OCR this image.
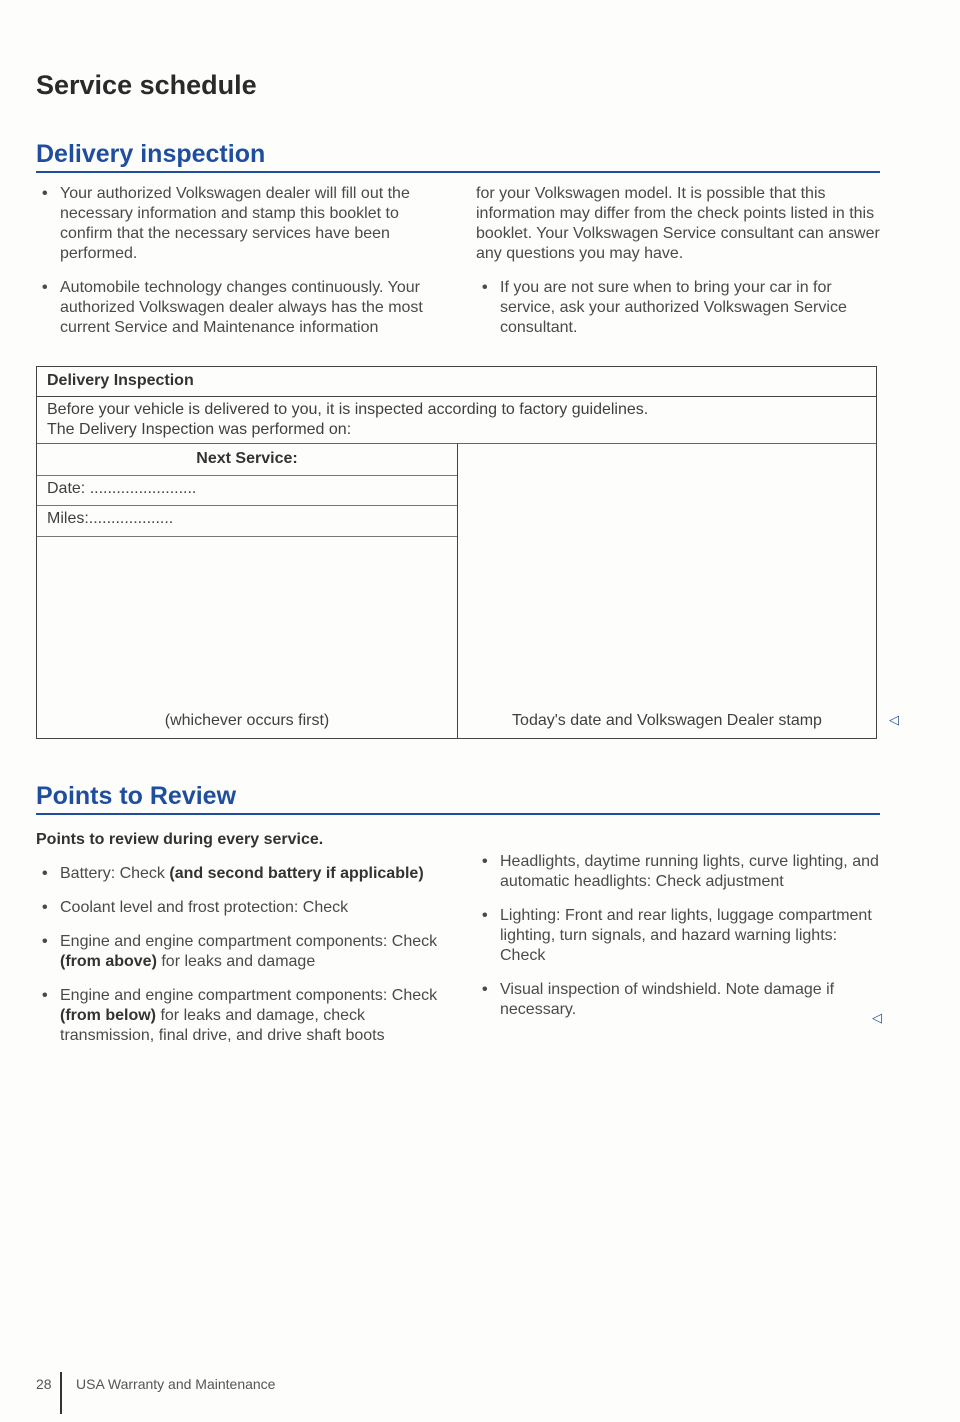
Service schedule
Delivery inspection

• Your authorized Volkswagen dealer will fill out the necessary information and stamp this booklet to confirm that the necessary services have been performed.

• Automobile technology changes continuously. Your authorized Volkswagen dealer always has the most current Service and Maintenance information

for your Volkswagen model. It is possible that this information may differ from the check points listed in this booklet. Your Volkswagen Service consultant can answer any questions you may have.

• If you are not sure when to bring your car in for service, ask your authorized Volkswagen Service consultant.

Delivery Inspection
Before your vehicle is delivered to you, it is inspected according to factory guidelines.
The Delivery Inspection was performed on:
Next Service:
Date: ........................
Miles:...................
(whichever occurs first)	Today's date and Volkswagen Dealer stamp	◁
Points to Review

Points to review during every service.

• Battery: Check (and second battery if applicable)

• Coolant level and frost protection: Check

• Engine and engine compartment components: Check (from above) for leaks and damage

• Engine and engine compartment components: Check (from below) for leaks and damage, check transmission, final drive, and drive shaft boots

• Headlights, daytime running lights, curve lighting, and automatic headlights: Check adjustment

• Lighting: Front and rear lights, luggage compartment lighting, turn signals, and hazard warning lights: Check

• Visual inspection of windshield. Note damage if necessary.	◁
28 USA Warranty and Maintenance
